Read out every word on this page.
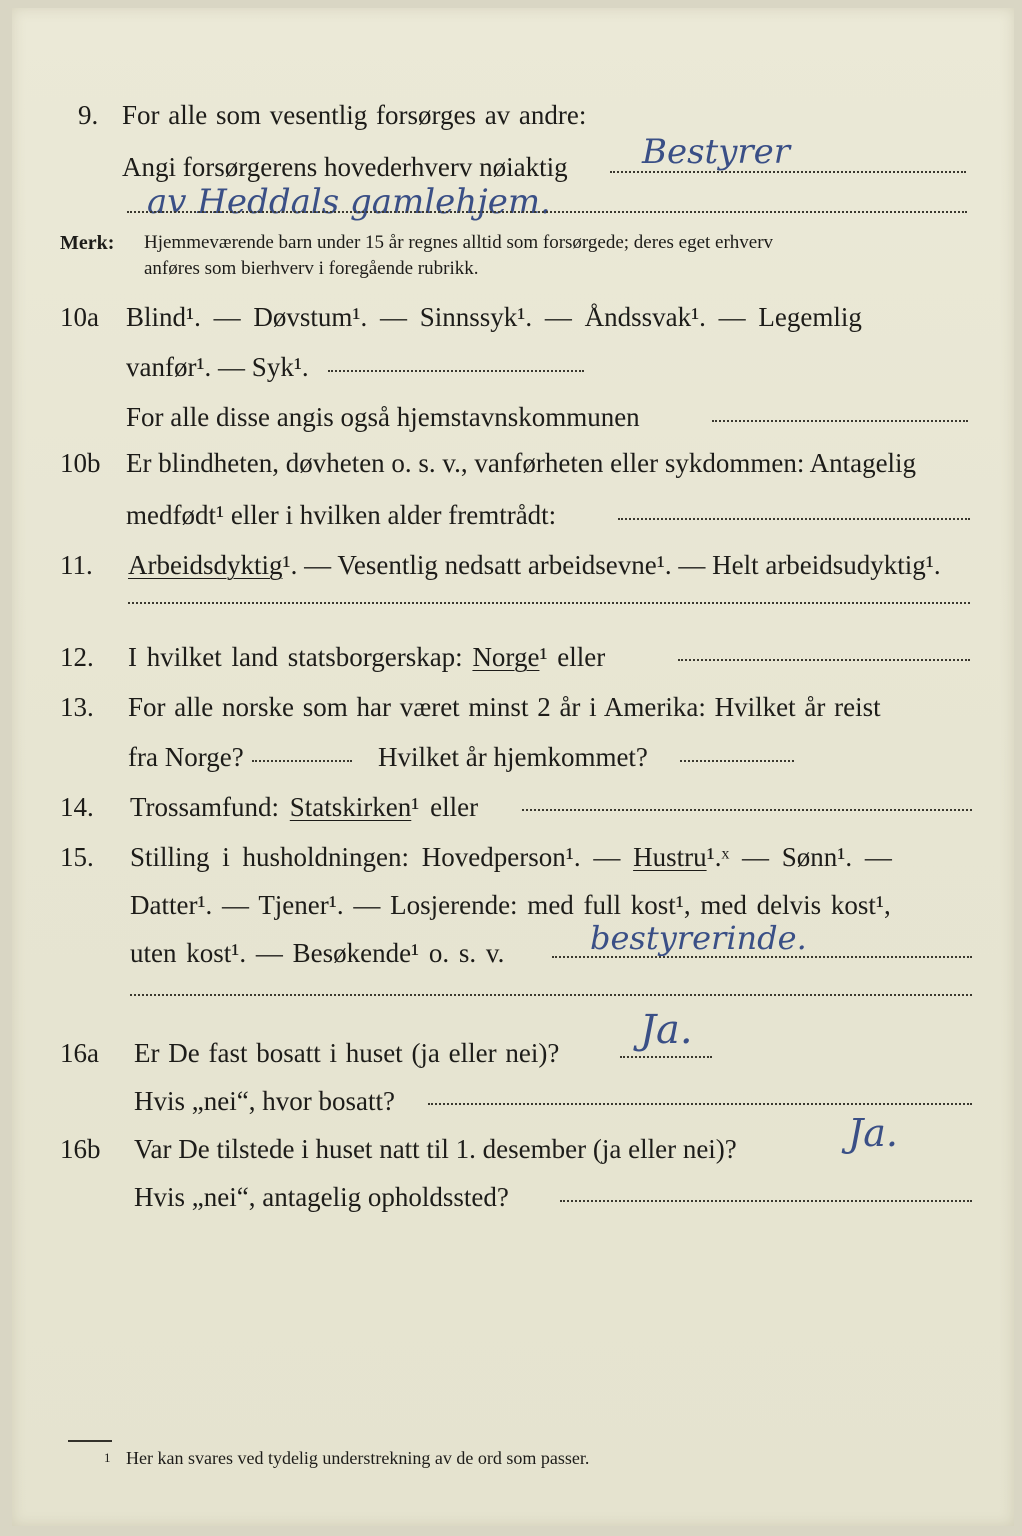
9. For alle som vesentlig forsørges av andre:
Angi forsørgerens hovederhverv nøiaktig Bestyrer
av Heddals gamlehjem.
Merk: Hjemmeværende barn under 15 år regnes alltid som forsørgede; deres eget erhverv
anføres som bierhverv i foregående rubrikk.
10a Blind¹. — Døvstum¹. — Sinnssyk¹. — Åndssvak¹. — Legemlig
vanfør¹. — Syk¹.
For alle disse angis også hjemstavnskommunen
10b Er blindheten, døvheten o. s. v., vanførheten eller sykdommen: Antagelig
medfødt¹ eller i hvilken alder fremtrådt:
11. Arbeidsdyktig¹. — Vesentlig nedsatt arbeidsevne¹. — Helt arbeidsudyktig¹.
12. I hvilket land statsborgerskap: Norge¹ eller
13. For alle norske som har været minst 2 år i Amerika: Hvilket år reist
fra Norge?	Hvilket år hjemkommet?
14. Trossamfund: Statskirken¹ eller
15. Stilling i husholdningen: Hovedperson¹. — Hustru¹.ˣ — Sønn¹. —
Datter¹. — Tjener¹. — Losjerende: med full kost¹, med delvis kost¹,
uten kost¹. — Besøkende¹ o. s. v.	bestyrerinde.
16a Er De fast bosatt i huset (ja eller nei)? Ja.
Hvis „nei“, hvor bosatt?
16b Var De tilstede i huset natt til 1. desember (ja eller nei)?	Ja.
Hvis „nei“, antagelig opholdssted?
1 Her kan svares ved tydelig understrekning av de ord som passer.
